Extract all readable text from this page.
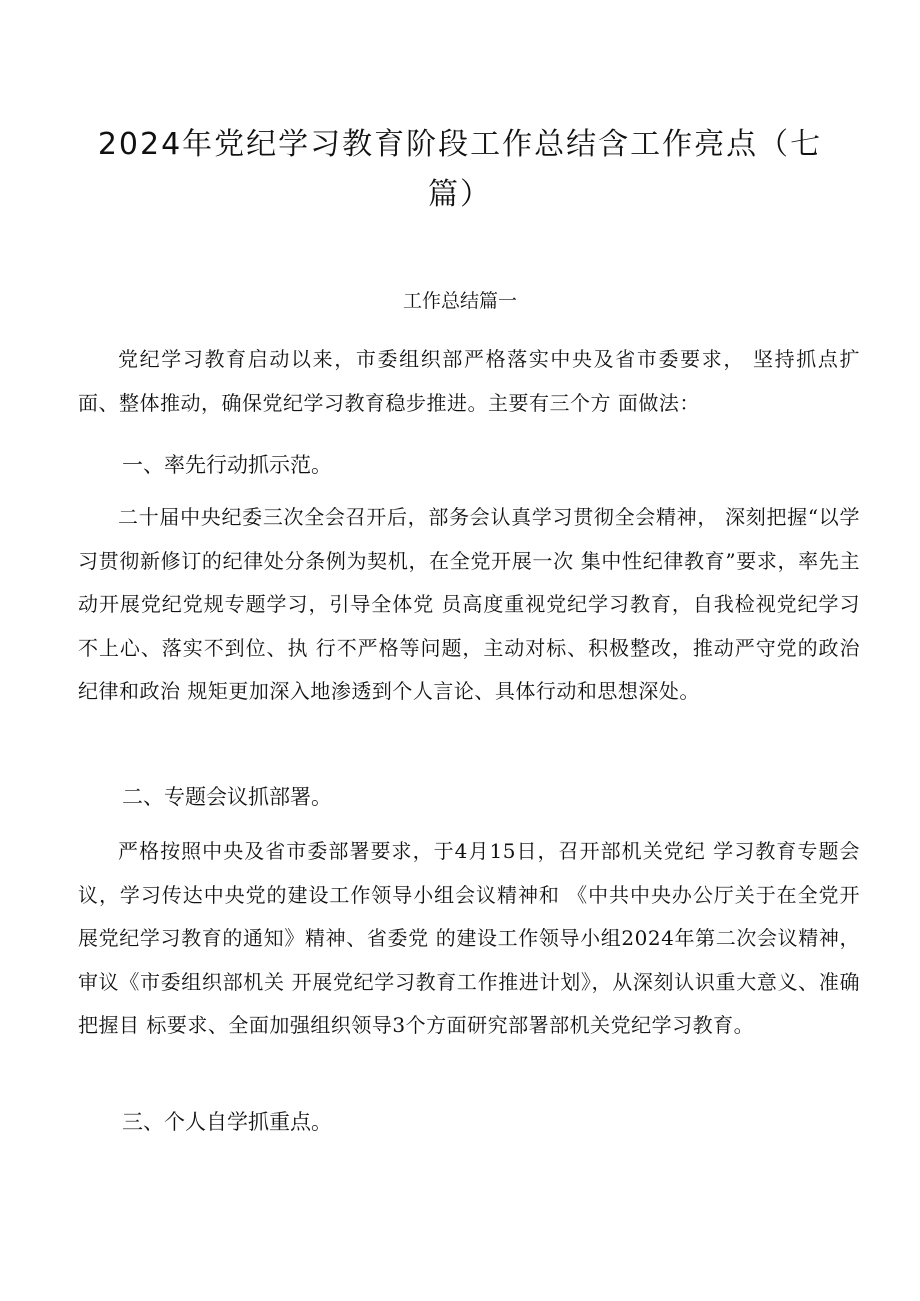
2024年党纪学习教育阶段工作总结含工作亮点（七篇）
工作总结篇一

党纪学习教育启动以来，市委组织部严格落实中央及省市委要求， 坚持抓点扩面、整体推动，确保党纪学习教育稳步推进。主要有三个方 面做法：

一、率先行动抓示范。

二十届中央纪委三次全会召开后，部务会认真学习贯彻全会精神， 深刻把握“以学习贯彻新修订的纪律处分条例为契机，在全党开展一次 集中性纪律教育”要求，率先主动开展党纪党规专题学习，引导全体党 员高度重视党纪学习教育，自我检视党纪学习不上心、落实不到位、执 行不严格等问题，主动对标、积极整改，推动严守党的政治纪律和政治 规矩更加深入地渗透到个人言论、具体行动和思想深处。

二、专题会议抓部署。

严格按照中央及省市委部署要求，于4月15日，召开部机关党纪 学习教育专题会议，学习传达中央党的建设工作领导小组会议精神和 《中共中央办公厅关于在全党开展党纪学习教育的通知》精神、省委党 的建设工作领导小组2024年第二次会议精神，审议《市委组织部机关 开展党纪学习教育工作推进计划》，从深刻认识重大意义、准确把握目 标要求、全面加强组织领导3个方面研究部署部机关党纪学习教育。

三、个人自学抓重点。
